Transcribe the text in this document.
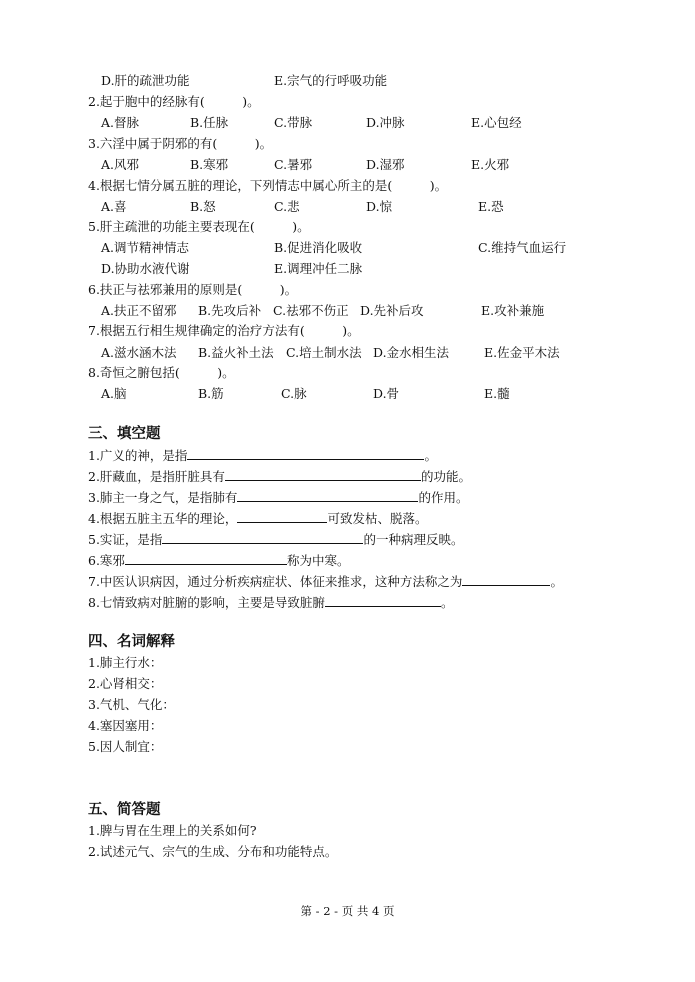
D.肝的疏泄功能	E.宗气的行呼吸功能
2.起于胞中的经脉有(　　　)。
A.督脉	B.任脉	C.带脉	D.冲脉	E.心包经
3.六淫中属于阴邪的有(　　　)。
A.风邪	B.寒邪	C.暑邪	D.湿邪	E.火邪
4.根据七情分属五脏的理论，下列情志中属心所主的是(　　　)。
A.喜	B.怒	C.悲	D.惊	E.恐
5.肝主疏泄的功能主要表现在(　　　)。
A.调节精神情志	B.促进消化吸收	C.维持气血运行
D.协助水液代谢	E.调理冲任二脉
6.扶正与祛邪兼用的原则是(　　　)。
A.扶正不留邪 B.先攻后补 C.祛邪不伤正 D.先补后攻	E.攻补兼施
7.根据五行相生规律确定的治疗方法有(　　　)。
A.滋水涵木法 B.益火补土法 C.培土制水法 D.金水相生法	E.佐金平木法
8.奇恒之腑包括(　　　)。
A.脑	B.筋	C.脉	D.骨	E.髓
三、填空题
1.广义的神，是指	。
2.肝藏血，是指肝脏具有	的功能。
3.肺主一身之气，是指肺有	的作用。
4.根据五脏主五华的理论，	可致发枯、脱落。
5.实证，是指	的一种病理反映。
6.寒邪	称为中寒。
7.中医认识病因，通过分析疾病症状、体征来推求，这种方法称之为	。
8.七情致病对脏腑的影响，主要是导致脏腑	。
四、名词解释
1.肺主行水：
2.心肾相交：
3.气机、气化：
4.塞因塞用：
5.因人制宜：
五、简答题
1.脾与胃在生理上的关系如何?
2.试述元气、宗气的生成、分布和功能特点。
第 - 2 - 页 共 4 页
